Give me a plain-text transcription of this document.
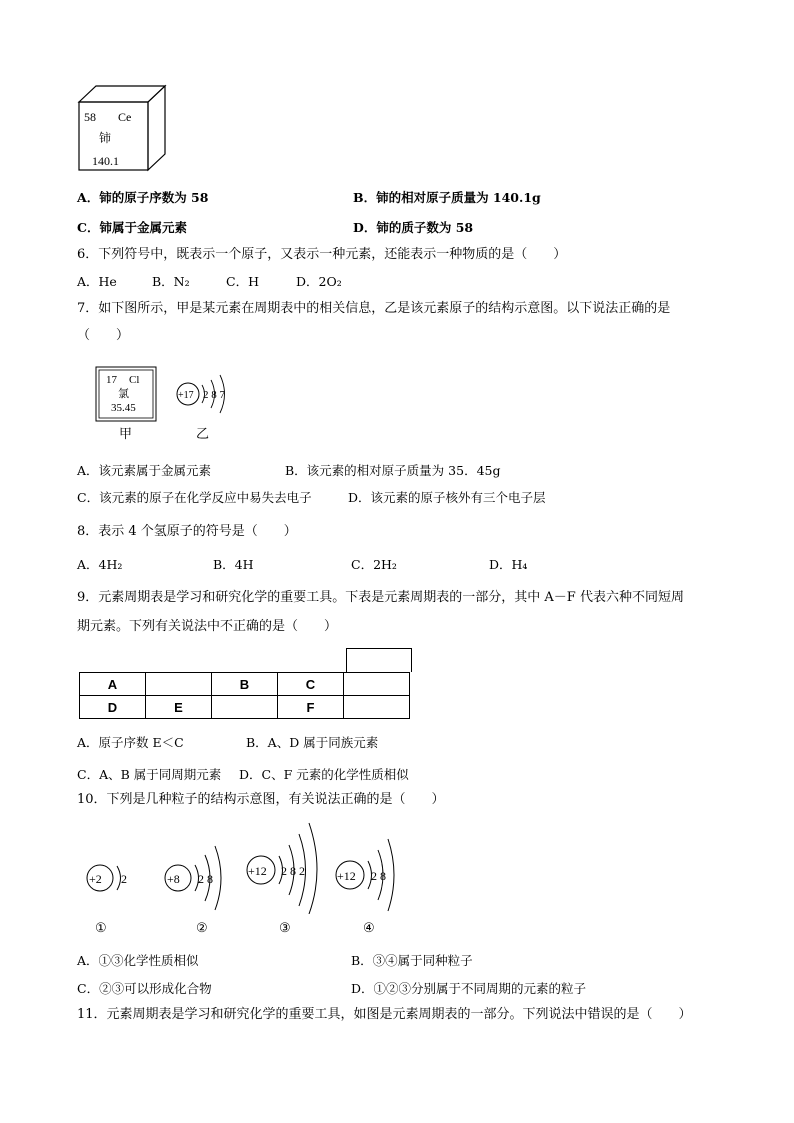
58 Ce
铈
140.1
A．铈的原子序数为 58	B．铈的相对原子质量为 140.1g
C．铈属于金属元素	D．铈的质子数为 58
6．下列符号中，既表示一个原子，又表示一种元素，还能表示一种物质的是（　　）
A．He	B．N₂	C．H	D．2O₂
7．如下图所示，甲是某元素在周期表中的相关信息，乙是该元素原子的结构示意图。以下说法正确的是
（　　）
17 Cl
氯
35.45
甲
+17 2 8 7
乙
A．该元素属于金属元素	B．该元素的相对原子质量为 35．45g
C．该元素的原子在化学反应中易失去电子	D．该元素的原子核外有三个电子层
8．表示 4 个氢原子的符号是（　　）
A．4H₂	B．4H	C．2H₂	D．H₄
9．元素周期表是学习和研究化学的重要工具。下表是元素周期表的一部分，其中 A－F 代表六种不同短周
期元素。下列有关说法中不正确的是（　　）
A		B	C	
D	E		F	
A．原子序数 E＜C	B．A、D 属于同族元素
C．A、B 属于同周期元素 D．C、F 元素的化学性质相似
10．下列是几种粒子的结构示意图，有关说法正确的是（　　）
+2 2
①
+8 2 8
②
+12 2 8 2
③
+12 2 8
④
A．①③化学性质相似	B．③④属于同种粒子
C．②③可以形成化合物	D．①②③分别属于不同周期的元素的粒子
11．元素周期表是学习和研究化学的重要工具，如图是元素周期表的一部分。下列说法中错误的是（　　）
